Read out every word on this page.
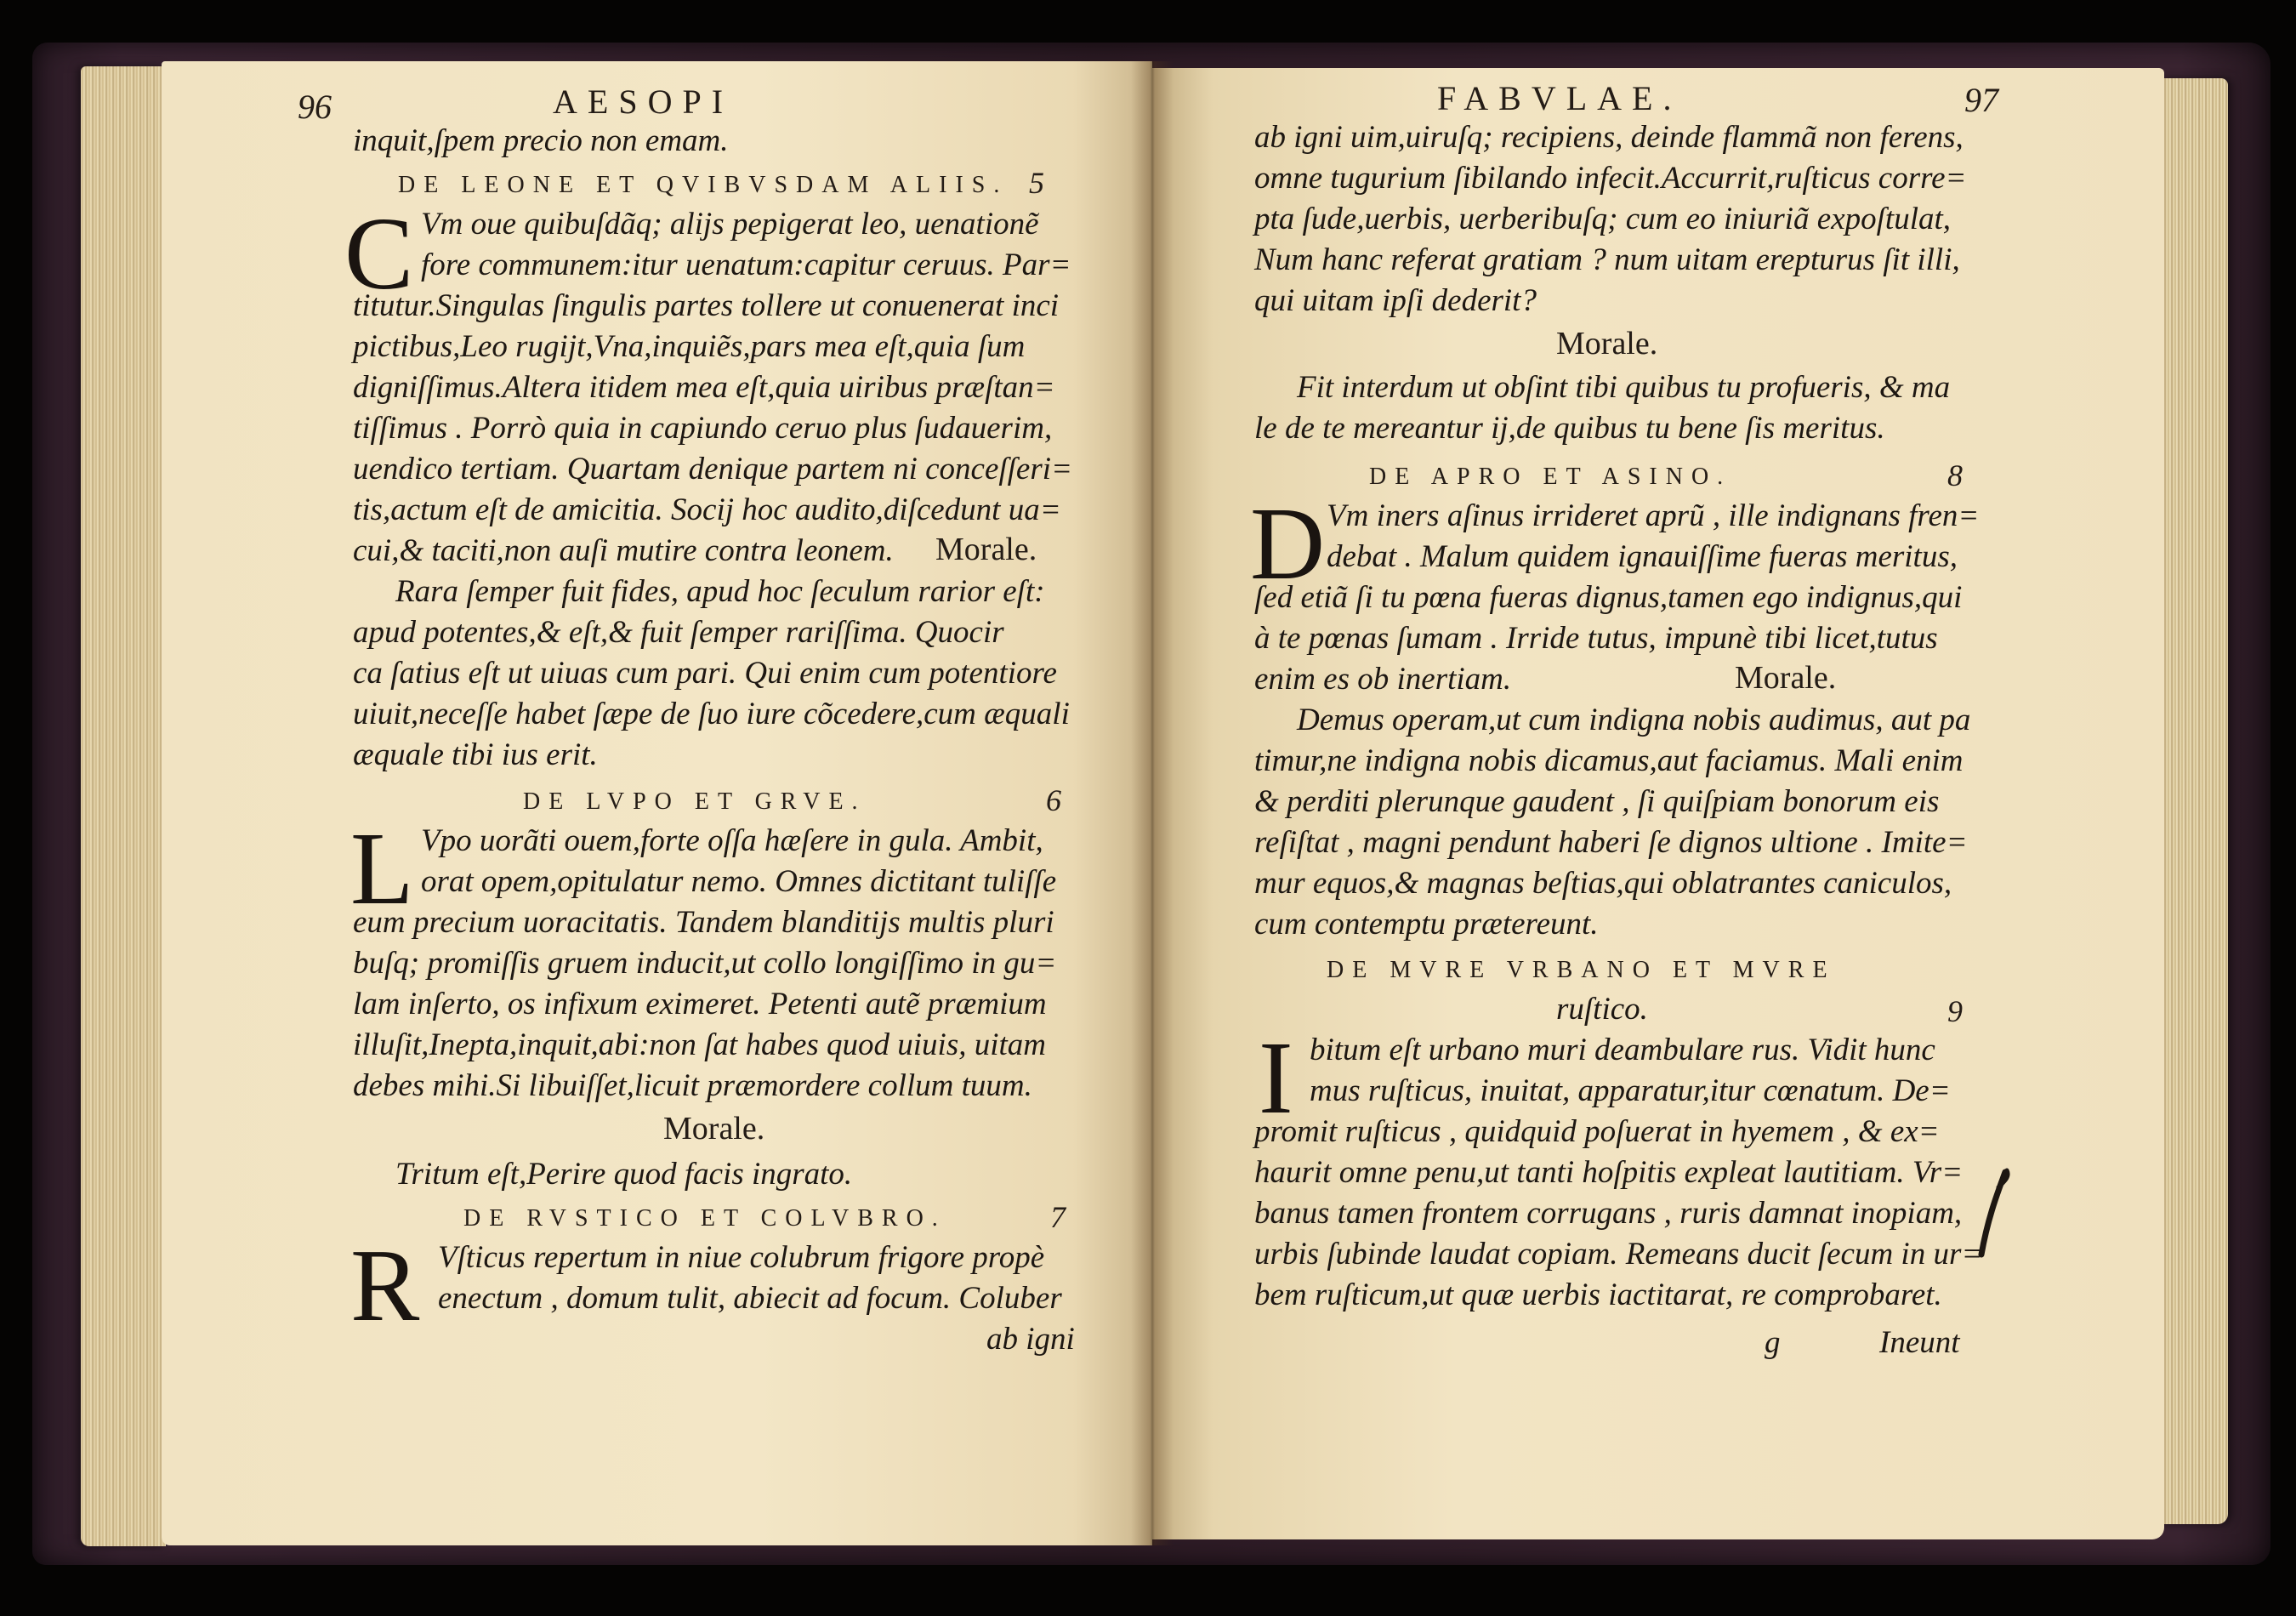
96	AESOPI
inquit,ſpem precio non emam.
DE LEONE ET QVIBVSDAM ALIIS. 5
C Vm oue quibuſdãq; alijs pepigerat leo, uenationẽ
fore communem:itur uenatum:capitur ceruus. Par=
titutur.Singulas ſingulis partes tollere ut conuenerat inci
pictibus,Leo rugijt,Vna,inquiẽs,pars mea eſt,quia ſum
digniſſimus.Altera itidem mea eſt,quia uiribus præſtan=
tiſſimus . Porrò quia in capiundo ceruo plus ſudauerim,
uendico tertiam. Quartam denique partem ni conceſſeri=
tis,actum eſt de amicitia. Socij hoc audito,diſcedunt ua=
cui,& taciti,non auſi mutire contra leonem. Morale.
Rara ſemper fuit fides, apud hoc ſeculum rarior eſt:
apud potentes,& eſt,& fuit ſemper rariſſima. Quocir
ca ſatius eſt ut uiuas cum pari. Qui enim cum potentiore
uiuit,neceſſe habet ſæpe de ſuo iure cõcedere,cum æquali
æquale tibi ius erit.
DE LVPO ET GRVE.	6
L Vpo uorãti ouem,forte oſſa hæſere in gula. Ambit,
orat opem,opitulatur nemo. Omnes dictitant tuliſſe
eum precium uoracitatis. Tandem blanditijs multis pluri
buſq; promiſſis gruem inducit,ut collo longiſſimo in gu=
lam inſerto, os infixum eximeret. Petenti autẽ præmium
illuſit,Inepta,inquit,abi:non ſat habes quod uiuis, uitam
debes mihi.Si libuiſſet,licuit præmordere collum tuum.
Morale.
Tritum eſt,Perire quod facis ingrato.
DE RVSTICO ET COLVBRO.	7
R Vſticus repertum in niue colubrum frigore propè
enectum , domum tulit, abiecit ad focum. Coluber
ab igni
FABVLAE.	97
ab igni uim,uiruſq; recipiens, deinde flammã non ferens,
omne tugurium ſibilando infecit.Accurrit,ruſticus corre=
pta ſude,uerbis, uerberibuſq; cum eo iniuriã expoſtulat,
Num hanc referat gratiam ? num uitam erepturus ſit illi,
qui uitam ipſi dederit?
Morale.
Fit interdum ut obſint tibi quibus tu profueris, & ma
le de te mereantur ij,de quibus tu bene ſis meritus.
DE APRO ET ASINO.	8
D Vm iners aſinus irrideret aprũ , ille indignans fren=
debat . Malum quidem ignauiſſime fueras meritus,
ſed etiã ſi tu pœna fueras dignus,tamen ego indignus,qui
à te pœnas ſumam . Irride tutus, impunè tibi licet,tutus
enim es ob inertiam.	Morale.
Demus operam,ut cum indigna nobis audimus, aut pa
timur,ne indigna nobis dicamus,aut faciamus. Mali enim
& perditi plerunque gaudent , ſi quiſpiam bonorum eis
reſiſtat , magni pendunt haberi ſe dignos ultione . Imite=
mur equos,& magnas beſtias,qui oblatrantes caniculos,
cum contemptu prætereunt.
DE MVRE VRBANO ET MVRE
ruſtico.	9
I bitum eſt urbano muri deambulare rus. Vidit hunc
mus ruſticus, inuitat, apparatur,itur cœnatum. De=
promit ruſticus , quidquid poſuerat in hyemem , & ex=
haurit omne penu,ut tanti hoſpitis expleat lautitiam. Vr=
banus tamen frontem corrugans , ruris damnat inopiam,
urbis ſubinde laudat copiam. Remeans ducit ſecum in ur=
bem ruſticum,ut quæ uerbis iactitarat, re comprobaret.
g	Ineunt
